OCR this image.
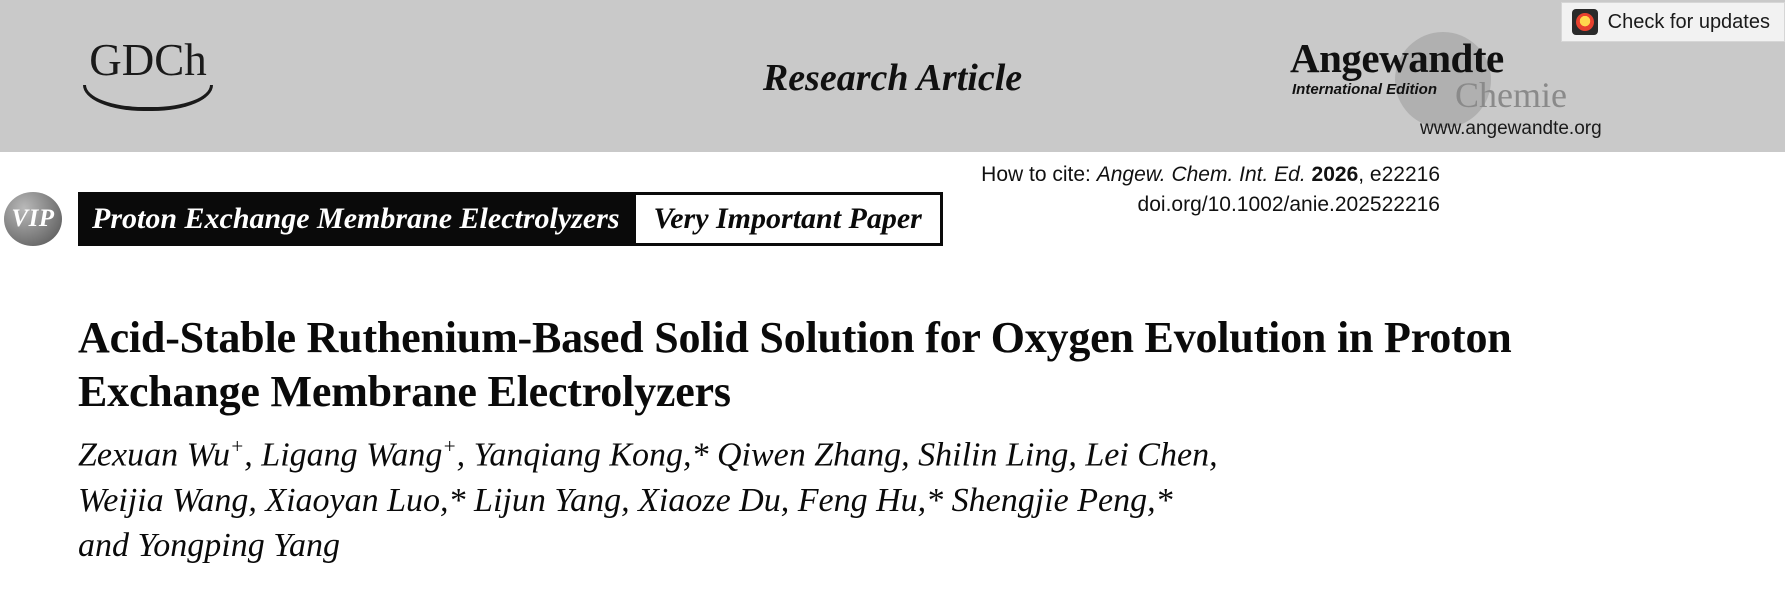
GDCh	Research Article	Angewandte
International Edition Chemie
www.angewandte.org
Check for updates
How to cite: Angew. Chem. Int. Ed. 2026, e22216
doi.org/10.1002/anie.202522216
VIP	Proton Exchange Membrane Electrolyzers	Very Important Paper
Acid-Stable Ruthenium-Based Solid Solution for Oxygen Evolution in Proton Exchange Membrane Electrolyzers
Zexuan Wu+, Ligang Wang+, Yanqiang Kong,* Qiwen Zhang, Shilin Ling, Lei Chen,
Weijia Wang, Xiaoyan Luo,* Lijun Yang, Xiaoze Du, Feng Hu,* Shengjie Peng,*
and Yongping Yang
